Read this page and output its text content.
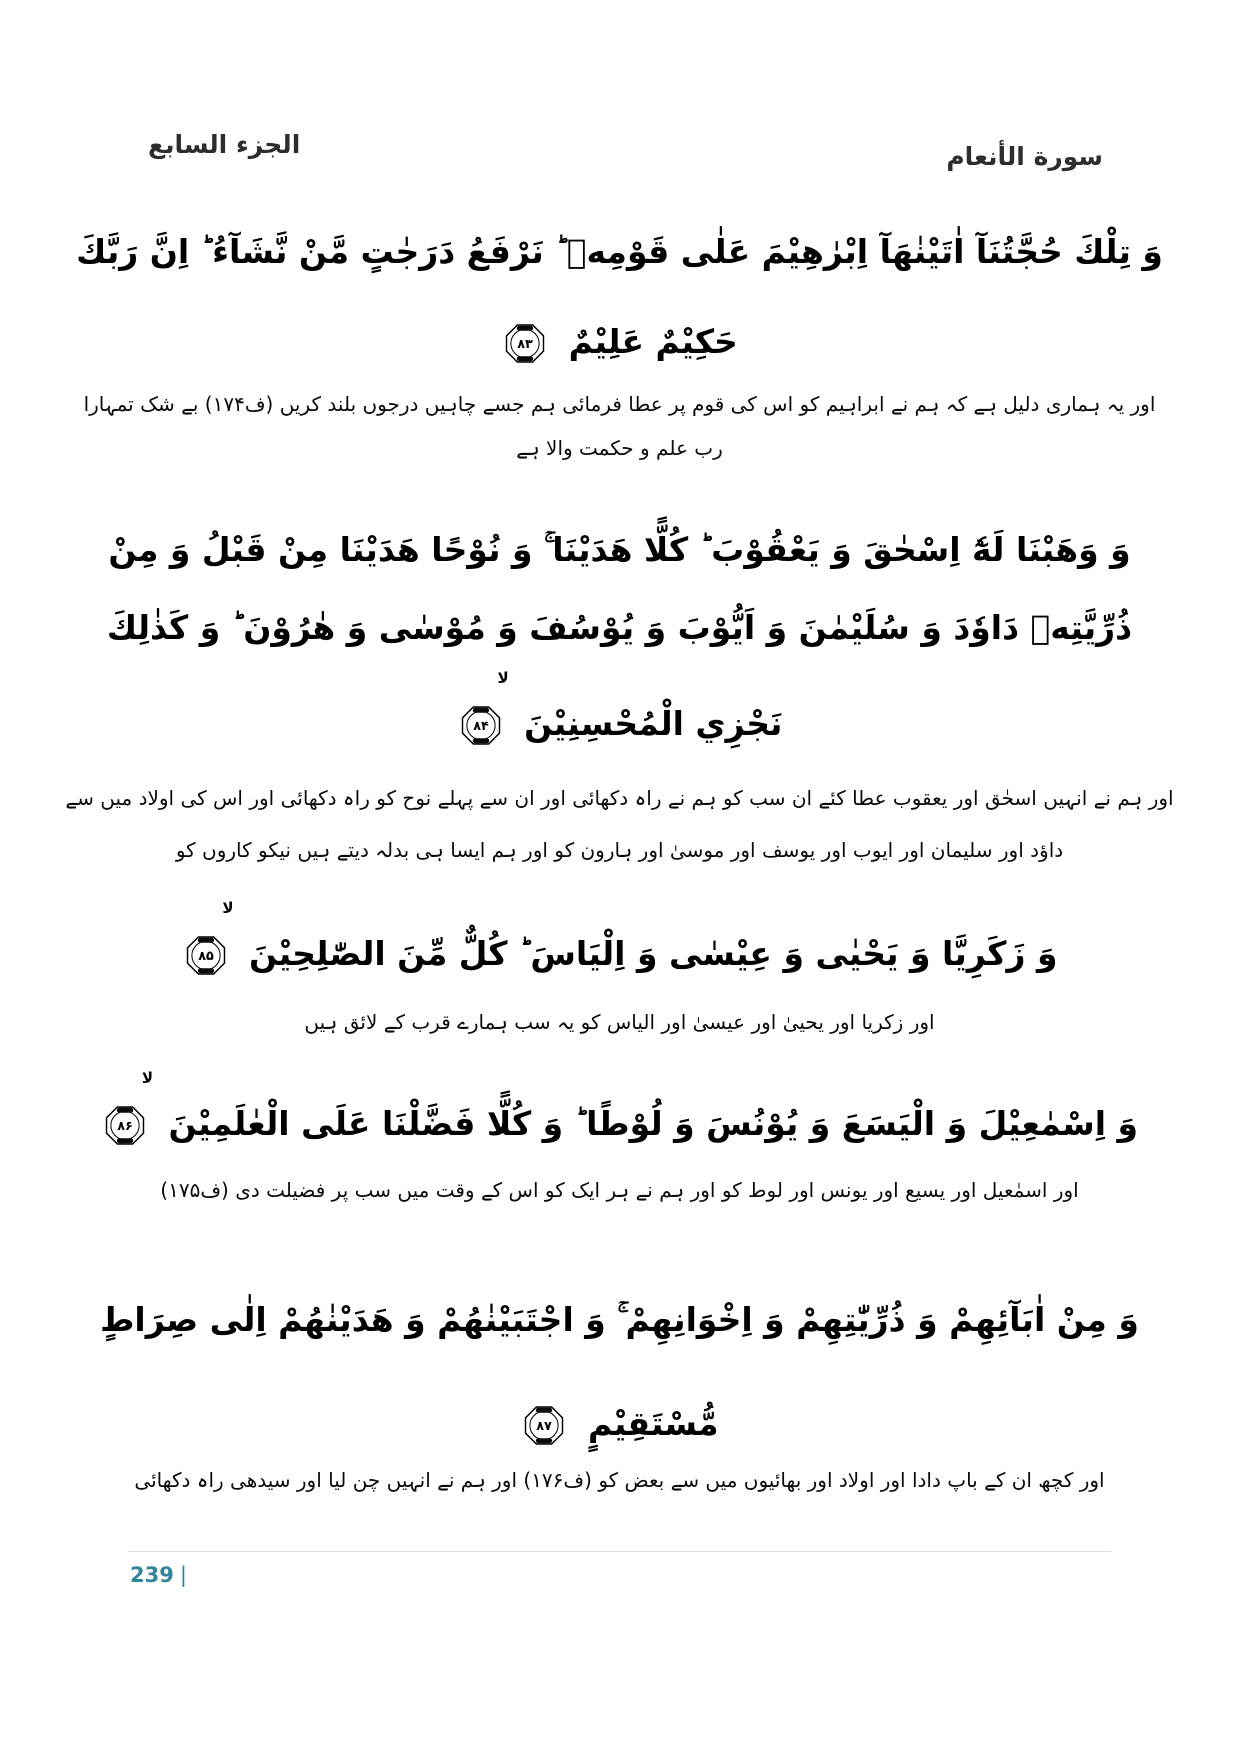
الجزء السابع	سورة الأنعام
وَ تِلْكَ حُجَّتُنَآ اٰتَيْنٰهَآ اِبْرٰهِيْمَ عَلٰى قَوْمِهٖ ؕ نَرْفَعُ دَرَجٰتٍ مَّنْ نَّشَآءُ ؕ اِنَّ رَبَّكَ
حَكِيْمٌ عَلِيْمٌ
۸۳
اور یہ ہماری دلیل ہے کہ ہم نے ابراہیم کو اس کی قوم پر عطا فرمائی ہم جسے چاہیں درجوں بلند کریں (ف۱۷۴) بے شک تمہارا
رب علم و حکمت والا ہے
وَ وَهَبْنَا لَهٗٓ اِسْحٰقَ وَ يَعْقُوْبَ ؕ كُلًّا هَدَيْنَا ۚ وَ نُوْحًا هَدَيْنَا مِنْ قَبْلُ وَ مِنْ
ذُرِّيَّتِهٖ دَاوٗدَ وَ سُلَيْمٰنَ وَ اَيُّوْبَ وَ يُوْسُفَ وَ مُوْسٰى وَ هٰرُوْنَ ؕ وَ كَذٰلِكَ
نَجْزِي الْمُحْسِنِيْنَ
لا
۸۴
اور ہم نے انہیں اسحٰق اور یعقوب عطا کئے ان سب کو ہم نے راہ دکھائی اور ان سے پہلے نوح کو راہ دکھائی اور اس کی اولاد میں سے
داؤد اور سلیمان اور ایوب اور یوسف اور موسیٰ اور ہارون کو اور ہم ایسا ہی بدلہ دیتے ہیں نیکو کاروں کو
وَ زَكَرِيَّا وَ يَحْيٰى وَ عِيْسٰى وَ اِلْيَاسَ ؕ كُلٌّ مِّنَ الصّٰلِحِيْنَ
لا
۸۵
اور زکریا اور یحییٰ اور عیسیٰ اور الیاس کو یہ سب ہمارے قرب کے لائق ہیں
وَ اِسْمٰعِيْلَ وَ الْيَسَعَ وَ يُوْنُسَ وَ لُوْطًا ؕ وَ كُلًّا فَضَّلْنَا عَلَى الْعٰلَمِيْنَ
لا
۸۶
اور اسمٰعیل اور یسیع اور یونس اور لوط کو اور ہم نے ہر ایک کو اس کے وقت میں سب پر فضیلت دی (ف۱۷۵)
وَ مِنْ اٰبَآئِهِمْ وَ ذُرِّيّٰتِهِمْ وَ اِخْوَانِهِمْ ۚ وَ اجْتَبَيْنٰهُمْ وَ هَدَيْنٰهُمْ اِلٰى صِرَاطٍ
مُّسْتَقِيْمٍ
۸۷
اور کچھ ان کے باپ دادا اور اولاد اور بھائیوں میں سے بعض کو (ف۱۷۶) اور ہم نے انہیں چن لیا اور سیدھی راہ دکھائی
239 |
